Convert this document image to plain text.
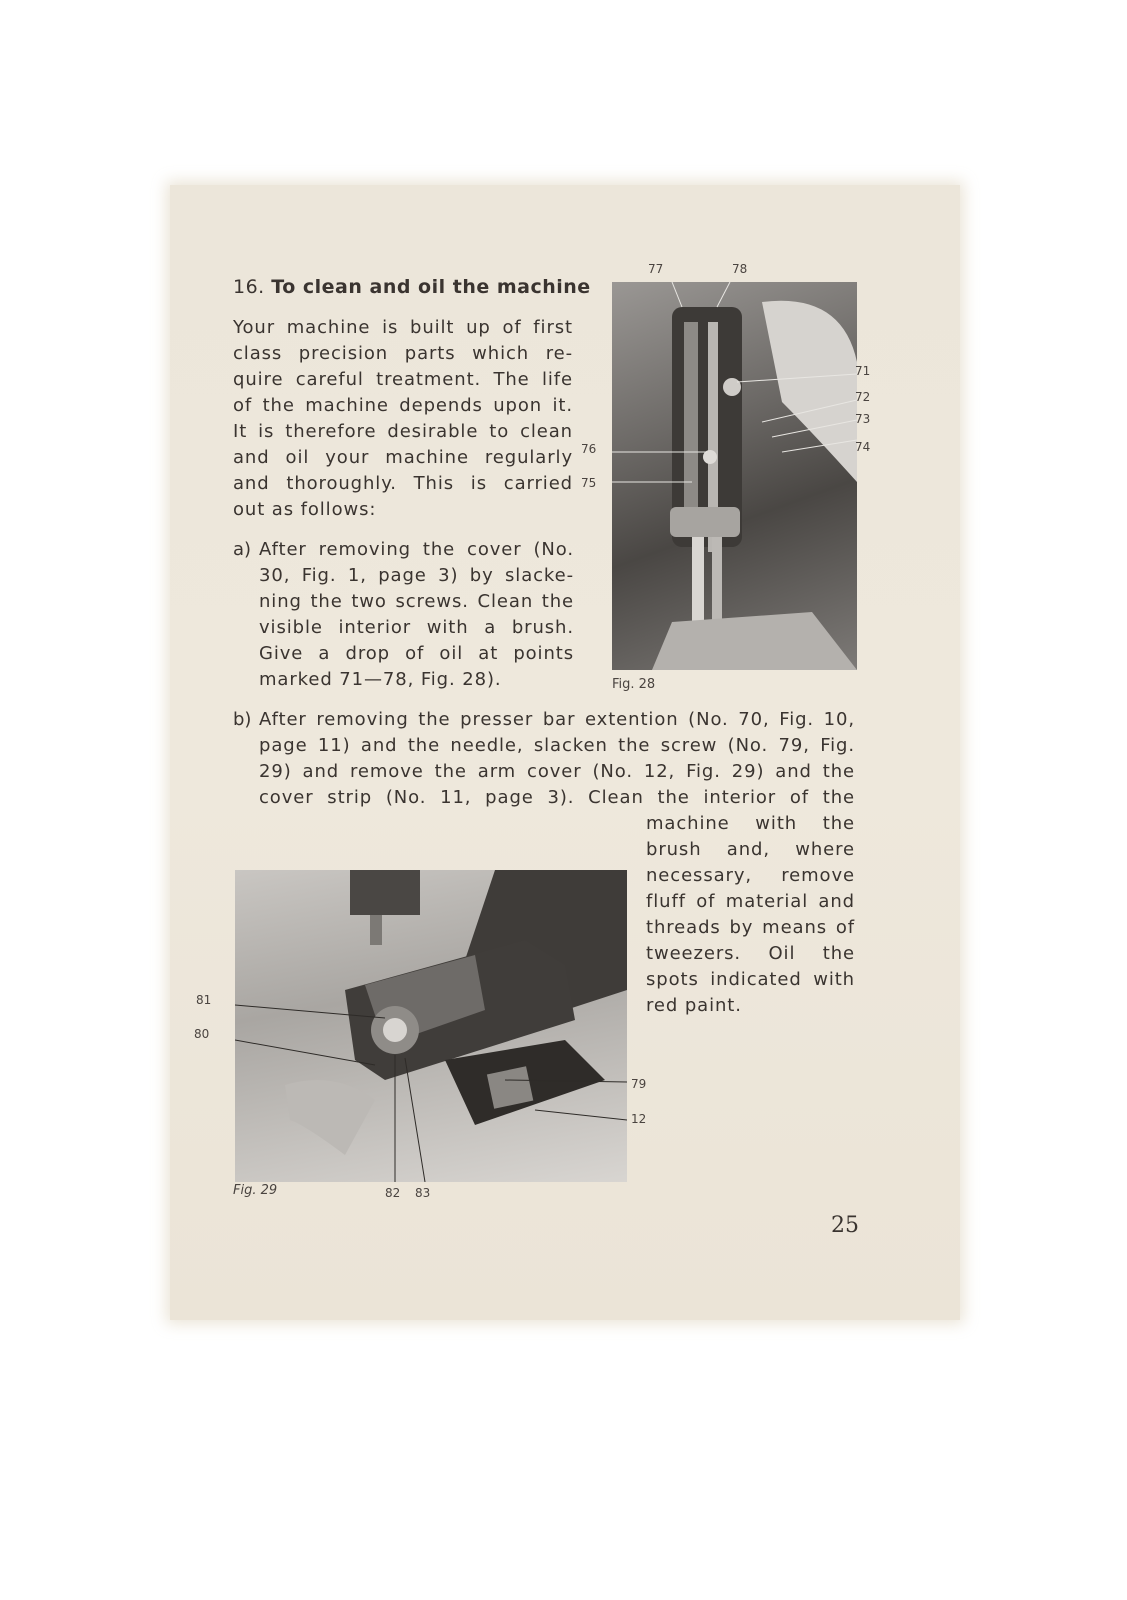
16. To clean and oil the machine
Your machine is built up of first
class precision parts which re-
quire careful treatment. The life
of the machine depends upon it.
It is therefore desirable to clean
and oil your machine regularly
and thoroughly. This is carried
out as follows:
a) After removing the cover (No.
30, Fig. 1, page 3) by slacke-
ning the two screws. Clean the
visible interior with a brush.
Give a drop of oil at points
marked 71—78, Fig. 28).
77	78
71
72
73
74
76
75
Fig. 28
b) After removing the presser bar extention (No. 70, Fig. 10,
page 11) and the needle, slacken the screw (No. 79, Fig.
29) and remove the arm cover (No. 12, Fig. 29) and the
cover strip (No. 11, page 3). Clean the interior of the
machine with the
brush and, where
necessary, remove
fluff of material and
threads by means of
tweezers. Oil the
spots indicated with
red paint.
81
80
79
12
Fig. 29	82 83
25
